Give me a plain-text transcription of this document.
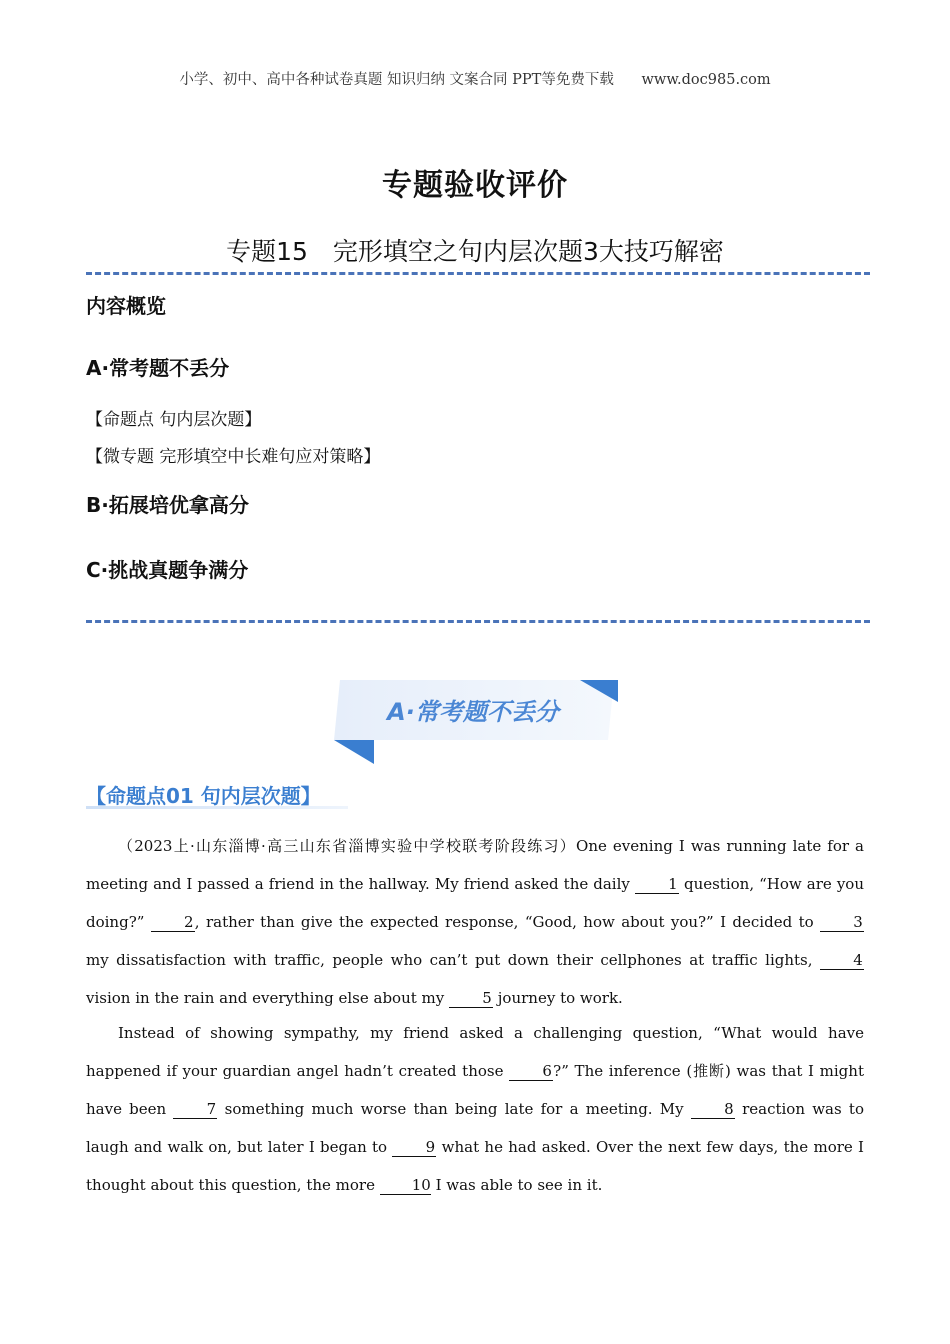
小学、初中、高中各种试卷真题 知识归纳 文案合同 PPT等免费下载 www.doc985.com
专题验收评价
专题15　完形填空之句内层次题3大技巧解密
内容概览
A·常考题不丢分
【命题点 句内层次题】
【微专题 完形填空中长难句应对策略】
B·拓展培优拿高分
C·挑战真题争满分
A·常考题不丢分
【命题点01 句内层次题】
（2023上·山东淄博·高三山东省淄博实验中学校联考阶段练习）One evening I was running late for a meeting and I passed a friend in the hallway. My friend asked the daily 1 question, “How are you doing?” 2, rather than give the expected response, “Good, how about you?” I decided to 3 my dissatisfaction with traffic, people who can’t put down their cellphones at traffic lights, 4 vision in the rain and everything else about my 5 journey to work.
Instead of showing sympathy, my friend asked a challenging question, “What would have happened if your guardian angel hadn’t created those 6?” The inference (推断) was that I might have been 7 something much worse than being late for a meeting. My 8 reaction was to laugh and walk on, but later I began to 9 what he had asked. Over the next few days, the more I thought about this question, the more 10 I was able to see in it.
